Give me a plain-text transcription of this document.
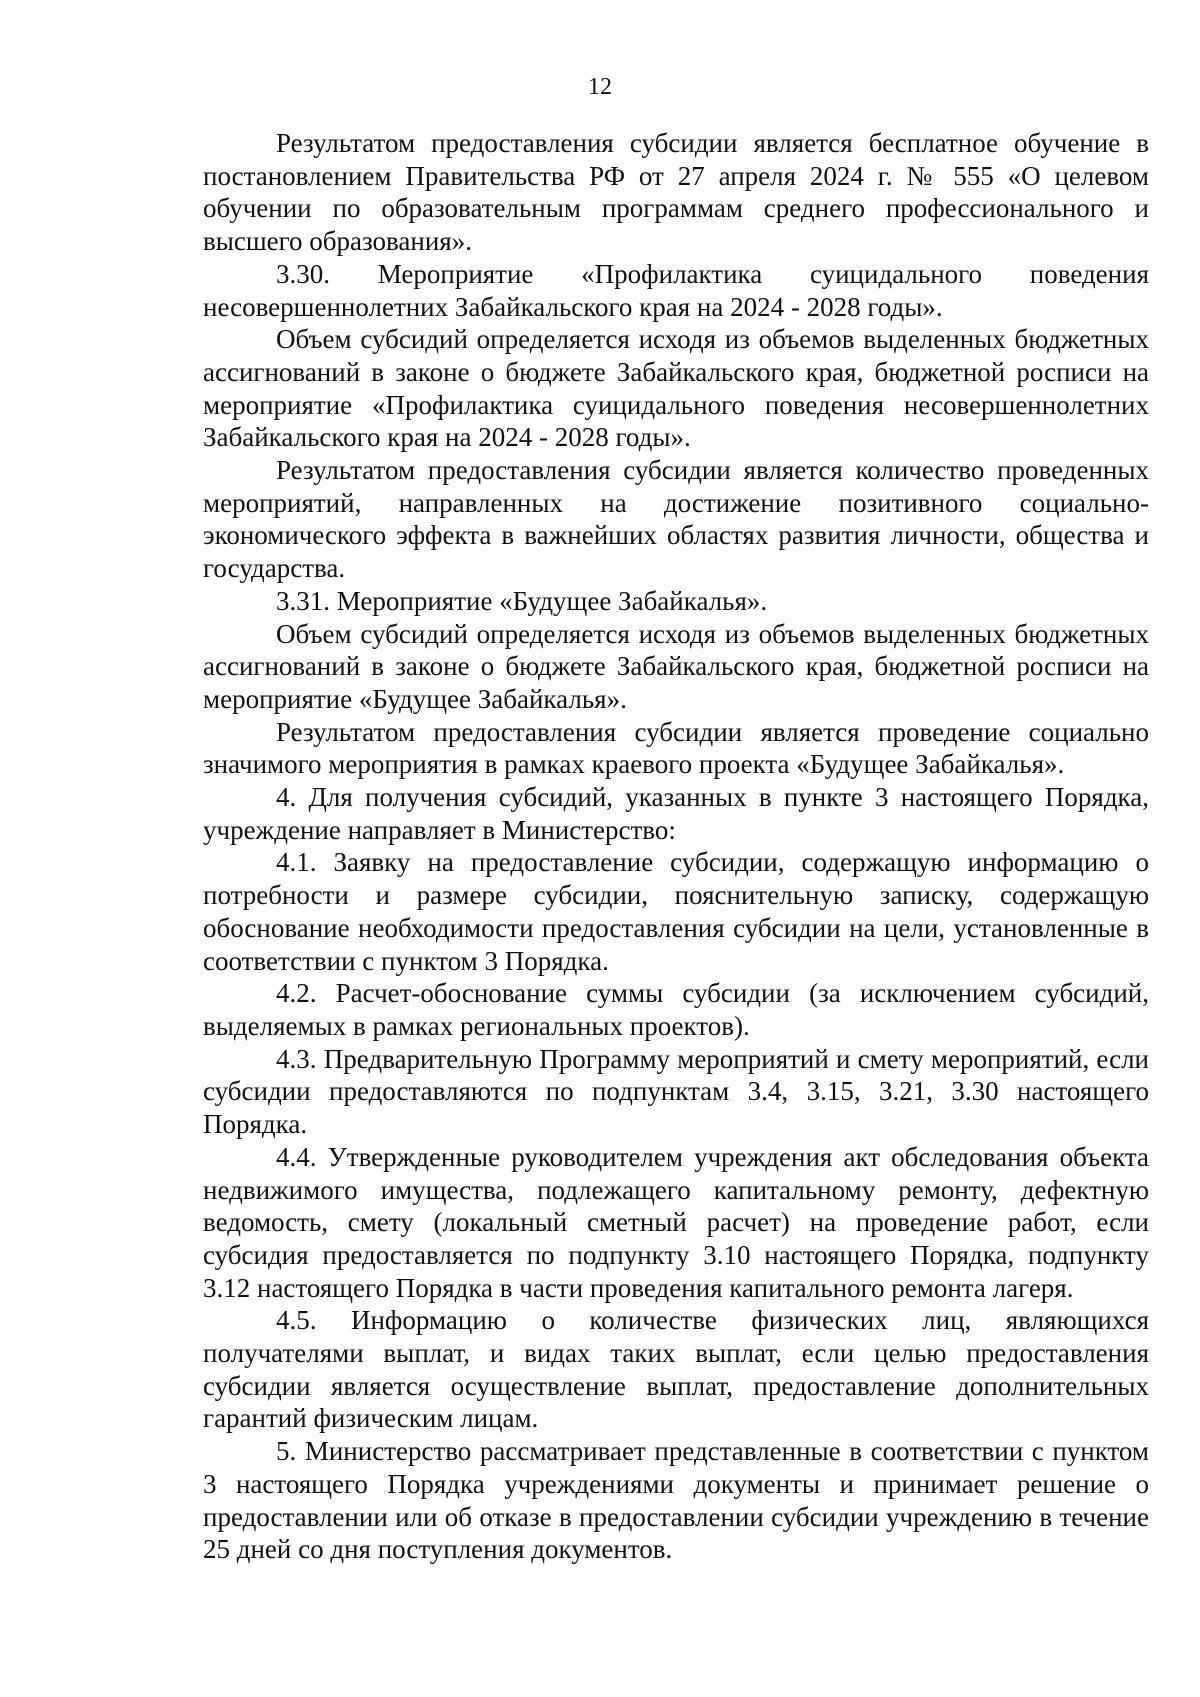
12

Результатом предоставления субсидии является бесплатное обучение в постановлением Правительства РФ от 27 апреля 2024 г. № 555 «О целевом обучении по образовательным программам среднего профессионального и высшего образования».

3.30. Мероприятие «Профилактика суицидального поведения несовершеннолетних Забайкальского края на 2024 - 2028 годы».

Объем субсидий определяется исходя из объемов выделенных бюджетных ассигнований в законе о бюджете Забайкальского края, бюджетной росписи на мероприятие «Профилактика суицидального поведения несовершеннолетних Забайкальского края на 2024 - 2028 годы».

Результатом предоставления субсидии является количество проведенных мероприятий, направленных на достижение позитивного социально-экономического эффекта в важнейших областях развития личности, общества и государства.

3.31. Мероприятие «Будущее Забайкалья».

Объем субсидий определяется исходя из объемов выделенных бюджетных ассигнований в законе о бюджете Забайкальского края, бюджетной росписи на мероприятие «Будущее Забайкалья».

Результатом предоставления субсидии является проведение социально значимого мероприятия в рамках краевого проекта «Будущее Забайкалья».

4. Для получения субсидий, указанных в пункте 3 настоящего Порядка, учреждение направляет в Министерство:

4.1. Заявку на предоставление субсидии, содержащую информацию о потребности и размере субсидии, пояснительную записку, содержащую обоснование необходимости предоставления субсидии на цели, установленные в соответствии с пунктом 3 Порядка.

4.2. Расчет-обоснование суммы субсидии (за исключением субсидий, выделяемых в рамках региональных проектов).

4.3. Предварительную Программу мероприятий и смету мероприятий, если субсидии предоставляются по подпунктам 3.4, 3.15, 3.21, 3.30 настоящего Порядка.

4.4. Утвержденные руководителем учреждения акт обследования объекта недвижимого имущества, подлежащего капитальному ремонту, дефектную ведомость, смету (локальный сметный расчет) на проведение работ, если субсидия предоставляется по подпункту 3.10 настоящего Порядка, подпункту 3.12 настоящего Порядка в части проведения капитального ремонта лагеря.

4.5. Информацию о количестве физических лиц, являющихся получателями выплат, и видах таких выплат, если целью предоставления субсидии является осуществление выплат, предоставление дополнительных гарантий физическим лицам.

5. Министерство рассматривает представленные в соответствии с пунктом 3 настоящего Порядка учреждениями документы и принимает решение о предоставлении или об отказе в предоставлении субсидии учреждению в течение 25 дней со дня поступления документов.
